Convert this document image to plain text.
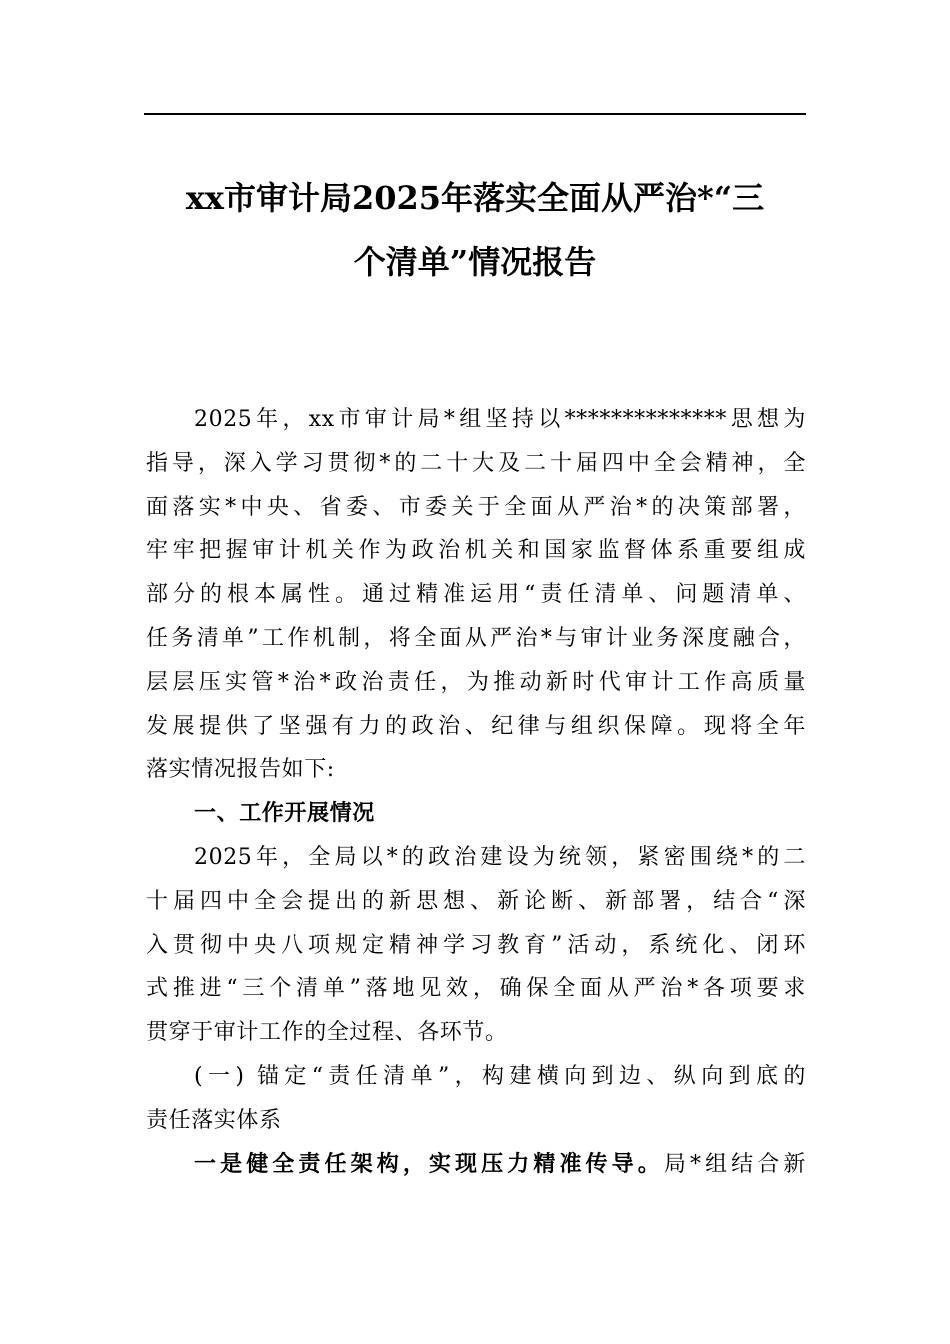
xx市审计局2025年落实全面从严治*“三
个清单”情况报告

2025年，xx市审计局*组坚持以**************思想为
指导，深入学习贯彻*的二十大及二十届四中全会精神，全
面落实*中央、省委、市委关于全面从严治*的决策部署，
牢牢把握审计机关作为政治机关和国家监督体系重要组成
部分的根本属性。通过精准运用“责任清单、问题清单、
任务清单”工作机制，将全面从严治*与审计业务深度融合，
层层压实管*治*政治责任，为推动新时代审计工作高质量
发展提供了坚强有力的政治、纪律与组织保障。现将全年
落实情况报告如下:

一、工作开展情况

2025年，全局以*的政治建设为统领，紧密围绕*的二
十届四中全会提出的新思想、新论断、新部署，结合“深
入贯彻中央八项规定精神学习教育”活动，系统化、闭环
式推进“三个清单”落地见效，确保全面从严治*各项要求
贯穿于审计工作的全过程、各环节。

(一) 锚定“责任清单”，构建横向到边、纵向到底的
责任落实体系

一是健全责任架构，实现压力精准传导。局*组结合新
